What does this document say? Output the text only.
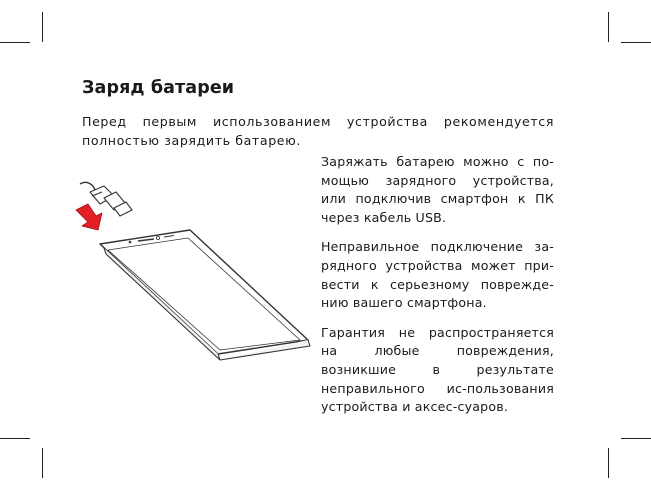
Заряд батареи

Перед первым использованием устройства рекомендуется полностью зарядить батарею.

Заряжать батарею можно с по-мощью зарядного устройства, или подключив смартфон к ПК через кабель USB.

Неправильное подключение за-рядного устройства может при-вести к серьезному поврежде-нию вашего смартфона.

Гарантия не распространяется на любые повреждения, возникшие в результате неправильного ис-пользования устройства и аксес-суаров.
